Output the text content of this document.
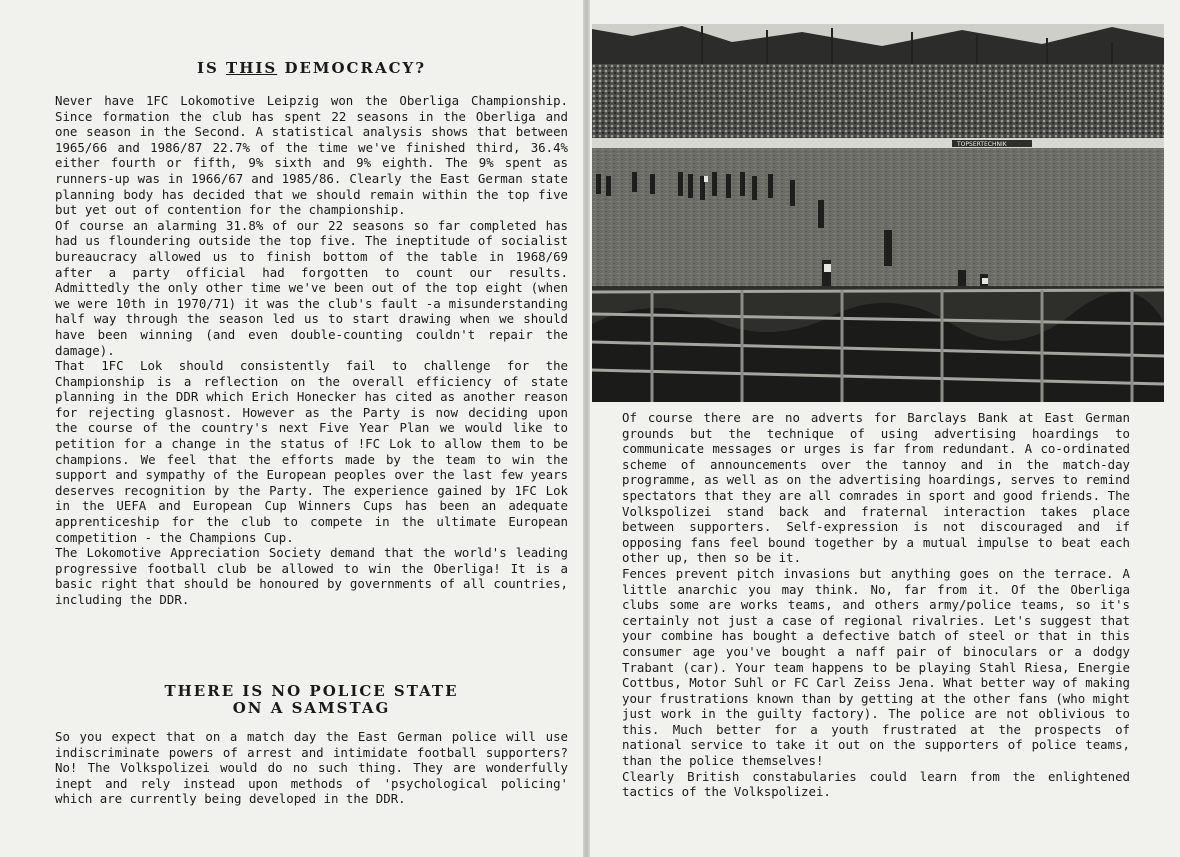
IS THIS DEMOCRACY?

Never have 1FC Lokomotive Leipzig won the Oberliga Championship. Since formation the club has spent 22 seasons in the Oberliga and one season in the Second. A statistical analysis shows that between 1965/66 and 1986/87 22.7% of the time we've finished third, 36.4% either fourth or fifth, 9% sixth and 9% eighth. The 9% spent as runners-up was in 1966/67 and 1985/86. Clearly the East German state planning body has decided that we should remain within the top five but yet out of contention for the championship.

Of course an alarming 31.8% of our 22 seasons so far completed has had us floundering outside the top five. The ineptitude of socialist bureaucracy allowed us to finish bottom of the table in 1968/69 after a party official had forgotten to count our results. Admittedly the only other time we've been out of the top eight (when we were 10th in 1970/71) it was the club's fault -a misunderstanding half way through the season led us to start drawing when we should have been winning (and even double-counting couldn't repair the damage).

That 1FC Lok should consistently fail to challenge for the Championship is a reflection on the overall efficiency of state planning in the DDR which Erich Honecker has cited as another reason for rejecting glasnost. However as the Party is now deciding upon the course of the country's next Five Year Plan we would like to petition for a change in the status of !FC Lok to allow them to be champions. We feel that the efforts made by the team to win the support and sympathy of the European peoples over the last few years deserves recognition by the Party. The experience gained by 1FC Lok in the UEFA and European Cup Winners Cups has been an adequate apprenticeship for the club to compete in the ultimate European competition - the Champions Cup.

The Lokomotive Appreciation Society demand that the world's leading progressive football club be allowed to win the Oberliga! It is a basic right that should be honoured by governments of all countries, including the DDR.

THERE IS NO POLICE STATE
ON A SAMSTAG

So you expect that on a match day the East German police will use indiscriminate powers of arrest and intimidate football supporters? No! The Volkspolizei would do no such thing. They are wonderfully inept and rely instead upon methods of 'psychological policing' which are currently being developed in the DDR.

TOPSERTECHNIK

Of course there are no adverts for Barclays Bank at East German grounds but the technique of using advertising hoardings to communicate messages or urges is far from redundant. A co-ordinated scheme of announcements over the tannoy and in the match-day programme, as well as on the advertising hoardings, serves to remind spectators that they are all comrades in sport and good friends. The Volkspolizei stand back and fraternal interaction takes place between supporters. Self-expression is not discouraged and if opposing fans feel bound together by a mutual impulse to beat each other up, then so be it.

Fences prevent pitch invasions but anything goes on the terrace. A little anarchic you may think. No, far from it. Of the Oberliga clubs some are works teams, and others army/police teams, so it's certainly not just a case of regional rivalries. Let's suggest that your combine has bought a defective batch of steel or that in this consumer age you've bought a naff pair of binoculars or a dodgy Trabant (car). Your team happens to be playing Stahl Riesa, Energie Cottbus, Motor Suhl or FC Carl Zeiss Jena. What better way of making your frustrations known than by getting at the other fans (who might just work in the guilty factory). The police are not oblivious to this. Much better for a youth frustrated at the prospects of national service to take it out on the supporters of police teams, than the police themselves!

Clearly British constabularies could learn from the enlightened tactics of the Volkspolizei.
